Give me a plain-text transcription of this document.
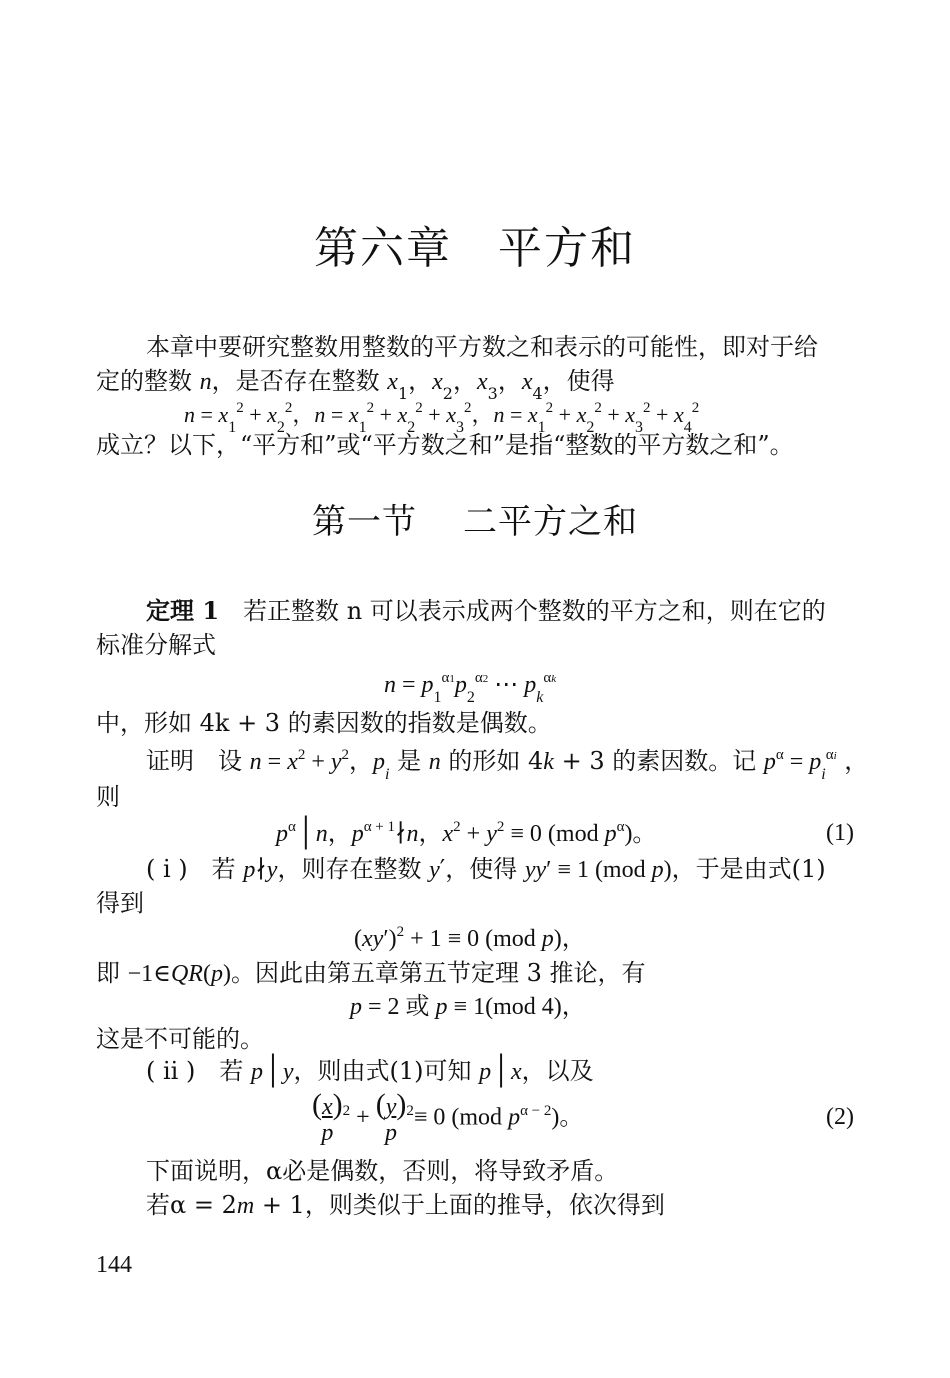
第六章 平方和
本章中要研究整数用整数的平方数之和表示的可能性，即对于给
定的整数 n，是否存在整数 $x_1$，$x_2$，$x_3$，$x_4$，使得
$n = x_1^2 + x_2^2$，$n = x_1^2 + x_2^2 + x_3^2$，$n = x_1^2 + x_2^2 + x_3^2 + x_4^2$
成立？以下，“平方和”或“平方数之和”是指“整数的平方数之和”。
第一节 二平方之和
定理 1　 若正整数 n 可以表示成两个整数的平方之和，则在它的
标准分解式
$n = p_1^{\alpha 1}p_2^{\alpha 2}$ ⋯ $p_k^{\alpha k}$
中，形如 4k + 3 的素因数的指数是偶数。
证明　 设 $n = x^2 + y^2$，$p_i$ 是 n 的形如 4k + 3 的素因数。记 $p^\alpha = p_i^{\alpha i}$ ，
则
$p^\alpha│n$，$p^{\alpha + 1}∤n$，$x^2 + y^2 \equiv 0$ (mod $p^\alpha$)。	(1)
( i )　 若 p∤y，则存在整数 y′，使得 yy′ ≡ 1 (mod p)，于是由式(1)
得到
$(xy')^2 + 1 \equiv 0$ (mod p)，
即 −1∈QR(p)。因此由第五章第五节定理 3 推论，有
p = 2 或 p ≡ 1(mod 4)，
这是不可能的。
( ii )　 若 p│y，则由式(1)可知 p│x，以及
(x)
p
$^2$ + (y)
p
$^2$≡ 0 (mod $p^{\alpha - 2}$)。	(2)
下面说明，α必是偶数，否则，将导致矛盾。
若α = 2m + 1，则类似于上面的推导，依次得到
144
